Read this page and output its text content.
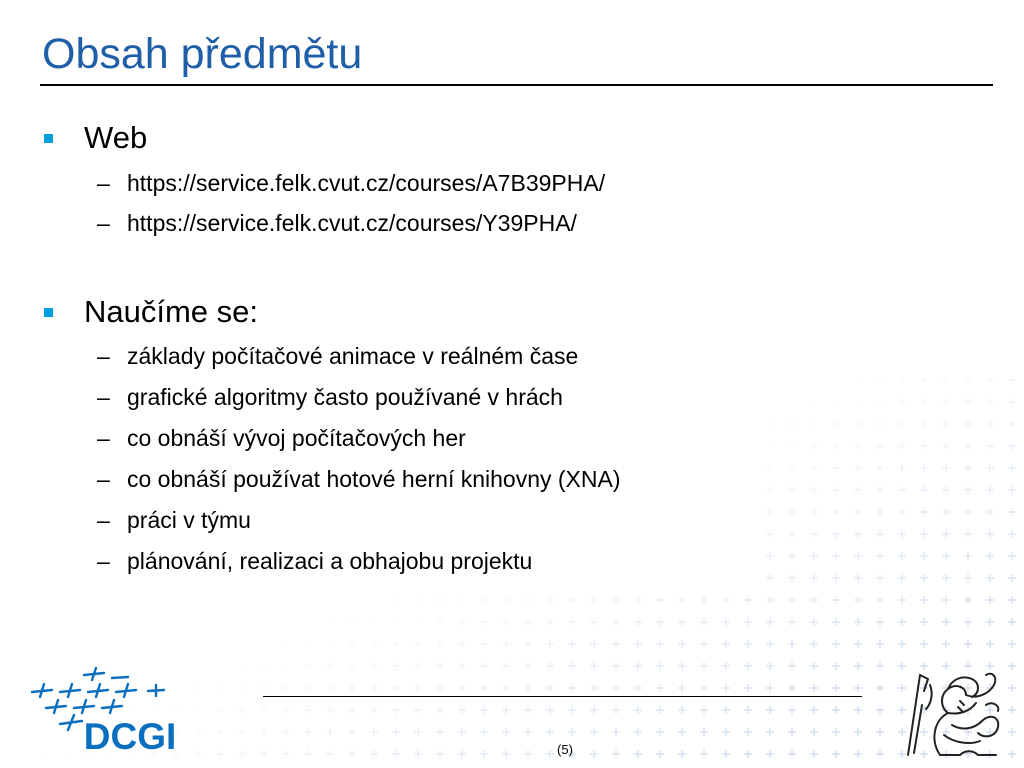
Obsah předmětu
Web
– https://service.felk.cvut.cz/courses/A7B39PHA/
– https://service.felk.cvut.cz/courses/Y39PHA/
Naučíme se:
– základy počítačové animace v reálném čase
– grafické algoritmy často používané v hrách
– co obnáší vývoj počítačových her
– co obnáší používat hotové herní knihovny (XNA)
– práci v týmu
– plánování, realizaci a obhajobu projektu
(5)
DCGI
